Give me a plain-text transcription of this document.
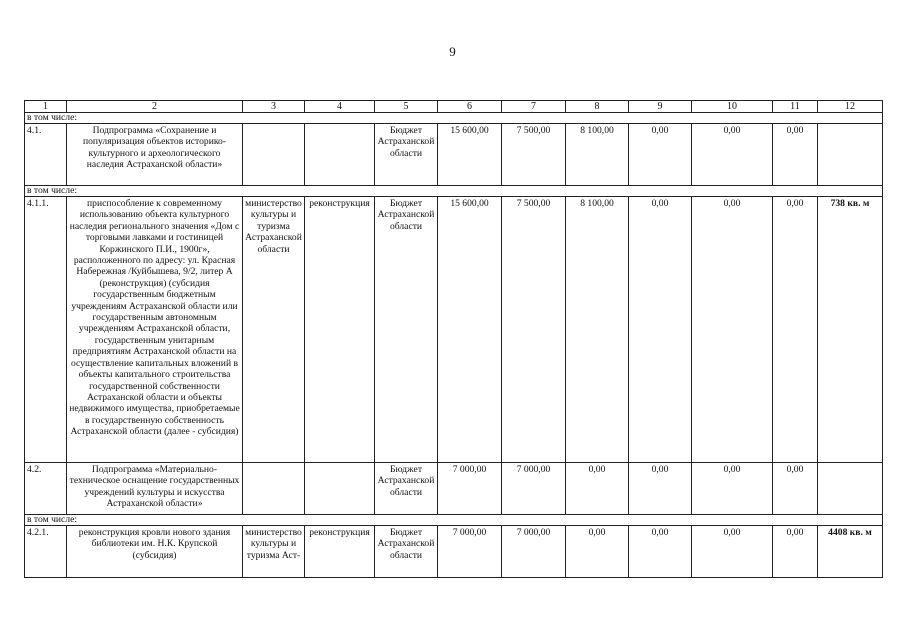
9
1	2	3	4	5	6	7	8	9	10	11	12
в том числе:											
4.1.	Подпрограмма «Сохранение и популяризация объектов историко-культурного и археологического наследия Астраханской области»			Бюджет Астраханской области	15 600,00	7 500,00	8 100,00	0,00	0,00	0,00	
в том числе:											
4.1.1.	приспособление к современному использованию объекта культурного наследия регионального значения «Дом с торговыми лавками и гостиницей Коржинского П.И., 1900г», расположенного по адресу: ул. Красная Набережная /Куйбышева, 9/2, литер А (реконструкция) (субсидия государственным бюджетным учреждениям Астраханской области или государственным автономным учреждениям Астраханской области, государственным унитарным предприятиям Астраханской области на осуществление капитальных вложений в объекты капитального строительства государственной собственности Астраханской области и объекты недвижимого имущества, приобретаемые в государственную собственность Астраханской области (далее - субсидия)	министерство культуры и туризма Астраханской области	реконструкция	Бюджет Астраханской области	15 600,00	7 500,00	8 100,00	0,00	0,00	0,00	738 кв. м
4.2.	Подпрограмма «Материально-техническое оснащение государственных учреждений культуры и искусства Астраханской области»			Бюджет Астраханской области	7 000,00	7 000,00	0,00	0,00	0,00	0,00	
в том числе:											
4.2.1.	реконструкция кровли нового здания библиотеки им. Н.К. Крупской (субсидия)	министерство культуры и туризма Аст-	реконструкция	Бюджет Астраханской области	7 000,00	7 000,00	0,00	0,00	0,00	0,00	4408 кв. м
